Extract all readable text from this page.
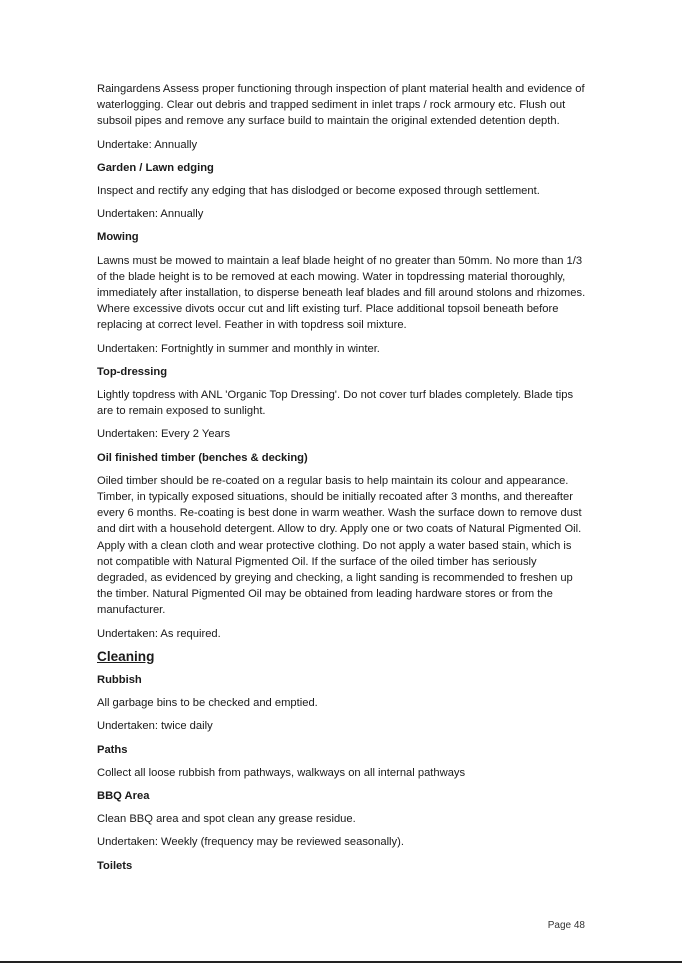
Raingardens Assess proper functioning through inspection of plant material health and evidence of waterlogging. Clear out debris and trapped sediment in inlet traps / rock armoury etc. Flush out subsoil pipes and remove any surface build to maintain the original extended detention depth.

Undertake: Annually

Garden / Lawn edging

Inspect and rectify any edging that has dislodged or become exposed through settlement.

Undertaken: Annually

Mowing

Lawns must be mowed to maintain a leaf blade height of no greater than 50mm. No more than 1/3 of the blade height is to be removed at each mowing. Water in topdressing material thoroughly, immediately after installation, to disperse beneath leaf blades and fill around stolons and rhizomes. Where excessive divots occur cut and lift existing turf. Place additional topsoil beneath before replacing at correct level. Feather in with topdress soil mixture.

Undertaken: Fortnightly in summer and monthly in winter.

Top-dressing

Lightly topdress with ANL 'Organic Top Dressing'. Do not cover turf blades completely. Blade tips are to remain exposed to sunlight.

Undertaken: Every 2 Years

Oil finished timber (benches & decking)

Oiled timber should be re-coated on a regular basis to help maintain its colour and appearance. Timber, in typically exposed situations, should be initially recoated after 3 months, and thereafter every 6 months. Re-coating is best done in warm weather. Wash the surface down to remove dust and dirt with a household detergent. Allow to dry. Apply one or two coats of Natural Pigmented Oil. Apply with a clean cloth and wear protective clothing. Do not apply a water based stain, which is not compatible with Natural Pigmented Oil. If the surface of the oiled timber has seriously degraded, as evidenced by greying and checking, a light sanding is recommended to freshen up the timber. Natural Pigmented Oil may be obtained from leading hardware stores or from the manufacturer.

Undertaken: As required.

Cleaning

Rubbish

All garbage bins to be checked and emptied.

Undertaken: twice daily

Paths

Collect all loose rubbish from pathways, walkways on all internal pathways

BBQ Area

Clean BBQ area and spot clean any grease residue.

Undertaken: Weekly (frequency may be reviewed seasonally).

Toilets

Page 48
